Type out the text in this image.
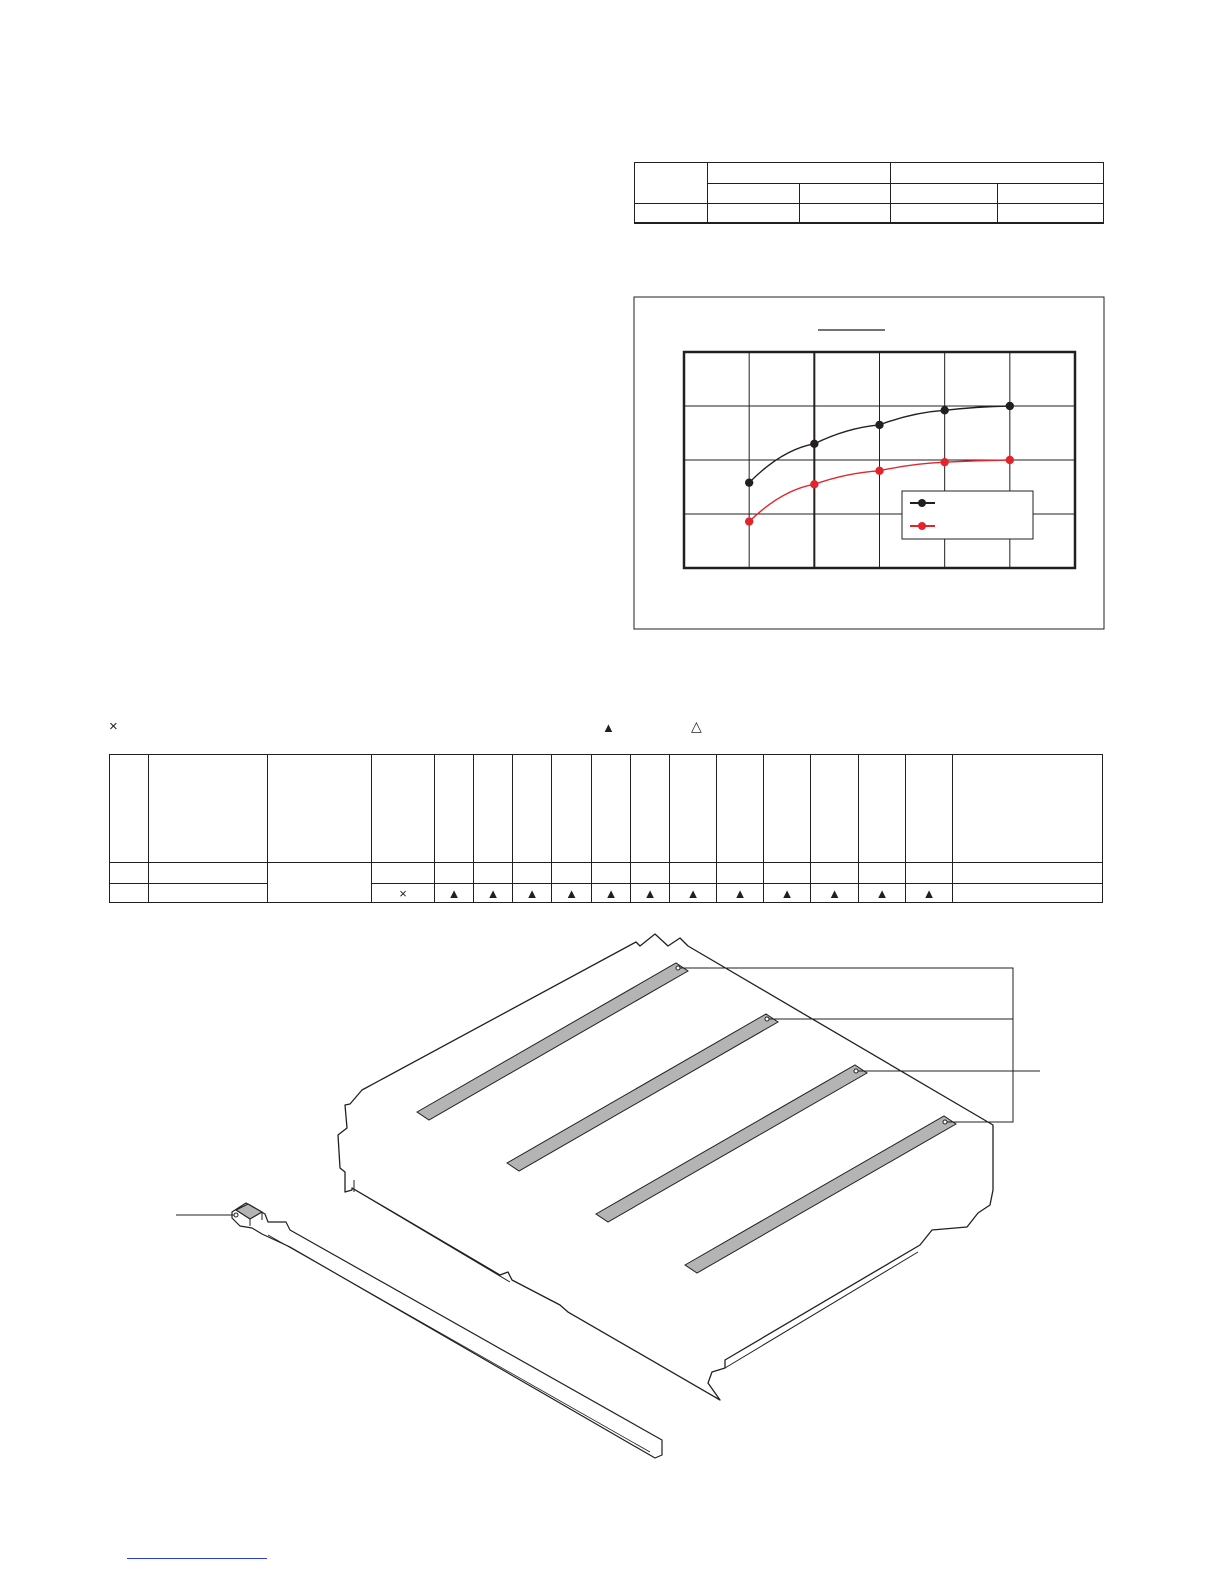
×	▲	△

			×	▲	▲	▲	▲	▲	▲	▲	▲	▲	▲	▲	▲	
